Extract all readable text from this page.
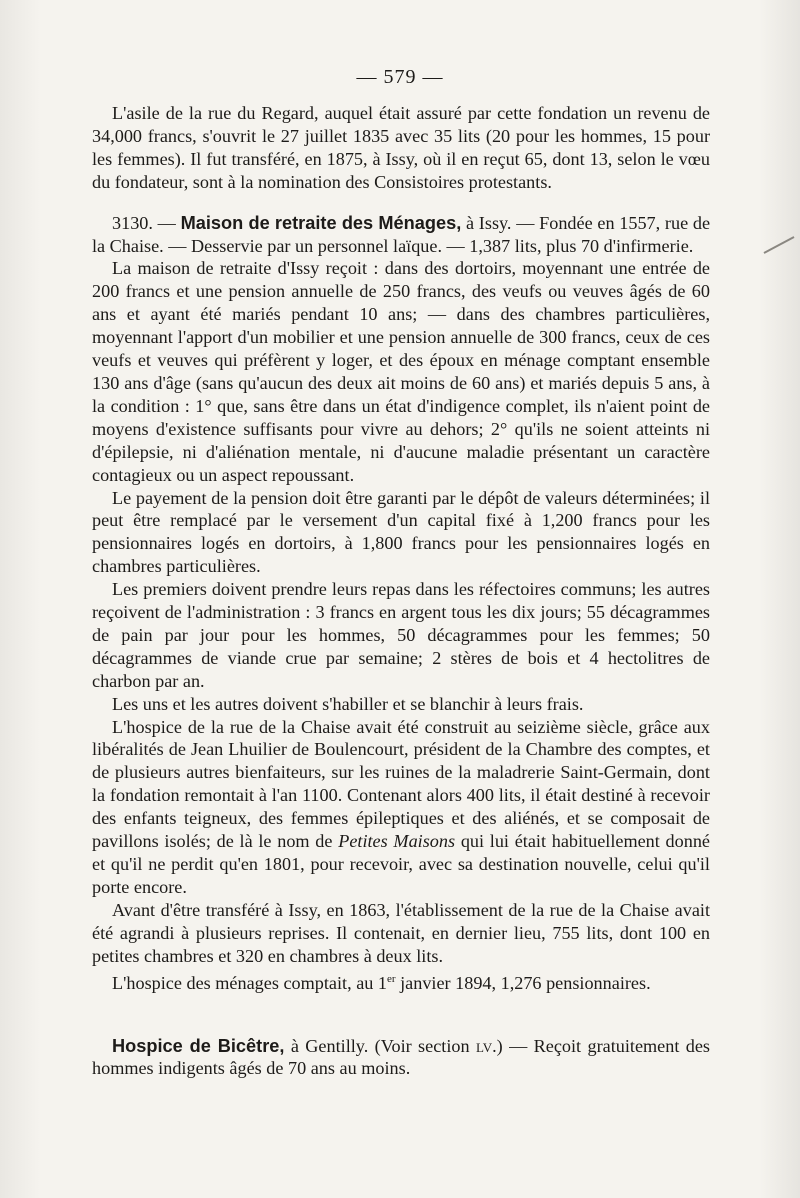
— 579 —

L'asile de la rue du Regard, auquel était assuré par cette fondation un revenu de 34,000 francs, s'ouvrit le 27 juillet 1835 avec 35 lits (20 pour les hommes, 15 pour les femmes). Il fut transféré, en 1875, à Issy, où il en reçut 65, dont 13, selon le vœu du fondateur, sont à la nomination des Consistoires protestants.

3130. — Maison de retraite des Ménages, à Issy. — Fondée en 1557, rue de la Chaise. — Desservie par un personnel laïque. — 1,387 lits, plus 70 d'infirmerie.

La maison de retraite d'Issy reçoit : dans des dortoirs, moyennant une entrée de 200 francs et une pension annuelle de 250 francs, des veufs ou veuves âgés de 60 ans et ayant été mariés pendant 10 ans; — dans des chambres particulières, moyennant l'apport d'un mobilier et une pension annuelle de 300 francs, ceux de ces veufs et veuves qui préfèrent y loger, et des époux en ménage comptant ensemble 130 ans d'âge (sans qu'aucun des deux ait moins de 60 ans) et mariés depuis 5 ans, à la condition : 1° que, sans être dans un état d'indigence complet, ils n'aient point de moyens d'existence suffisants pour vivre au dehors; 2° qu'ils ne soient atteints ni d'épilepsie, ni d'aliénation mentale, ni d'aucune maladie présentant un caractère contagieux ou un aspect repoussant.

Le payement de la pension doit être garanti par le dépôt de valeurs déterminées; il peut être remplacé par le versement d'un capital fixé à 1,200 francs pour les pensionnaires logés en dortoirs, à 1,800 francs pour les pensionnaires logés en chambres particulières.

Les premiers doivent prendre leurs repas dans les réfectoires communs; les autres reçoivent de l'administration : 3 francs en argent tous les dix jours; 55 décagrammes de pain par jour pour les hommes, 50 décagrammes pour les femmes; 50 décagrammes de viande crue par semaine; 2 stères de bois et 4 hectolitres de charbon par an.

Les uns et les autres doivent s'habiller et se blanchir à leurs frais.

L'hospice de la rue de la Chaise avait été construit au seizième siècle, grâce aux libéralités de Jean Lhuilier de Boulencourt, président de la Chambre des comptes, et de plusieurs autres bienfaiteurs, sur les ruines de la maladrerie Saint-Germain, dont la fondation remontait à l'an 1100. Contenant alors 400 lits, il était destiné à recevoir des enfants teigneux, des femmes épileptiques et des aliénés, et se composait de pavillons isolés; de là le nom de Petites Maisons qui lui était habituellement donné et qu'il ne perdit qu'en 1801, pour recevoir, avec sa destination nouvelle, celui qu'il porte encore.

Avant d'être transféré à Issy, en 1863, l'établissement de la rue de la Chaise avait été agrandi à plusieurs reprises. Il contenait, en dernier lieu, 755 lits, dont 100 en petites chambres et 320 en chambres à deux lits.

L'hospice des ménages comptait, au 1er janvier 1894, 1,276 pensionnaires.

Hospice de Bicêtre, à Gentilly. (Voir section lv.) — Reçoit gratuitement des hommes indigents âgés de 70 ans au moins.
